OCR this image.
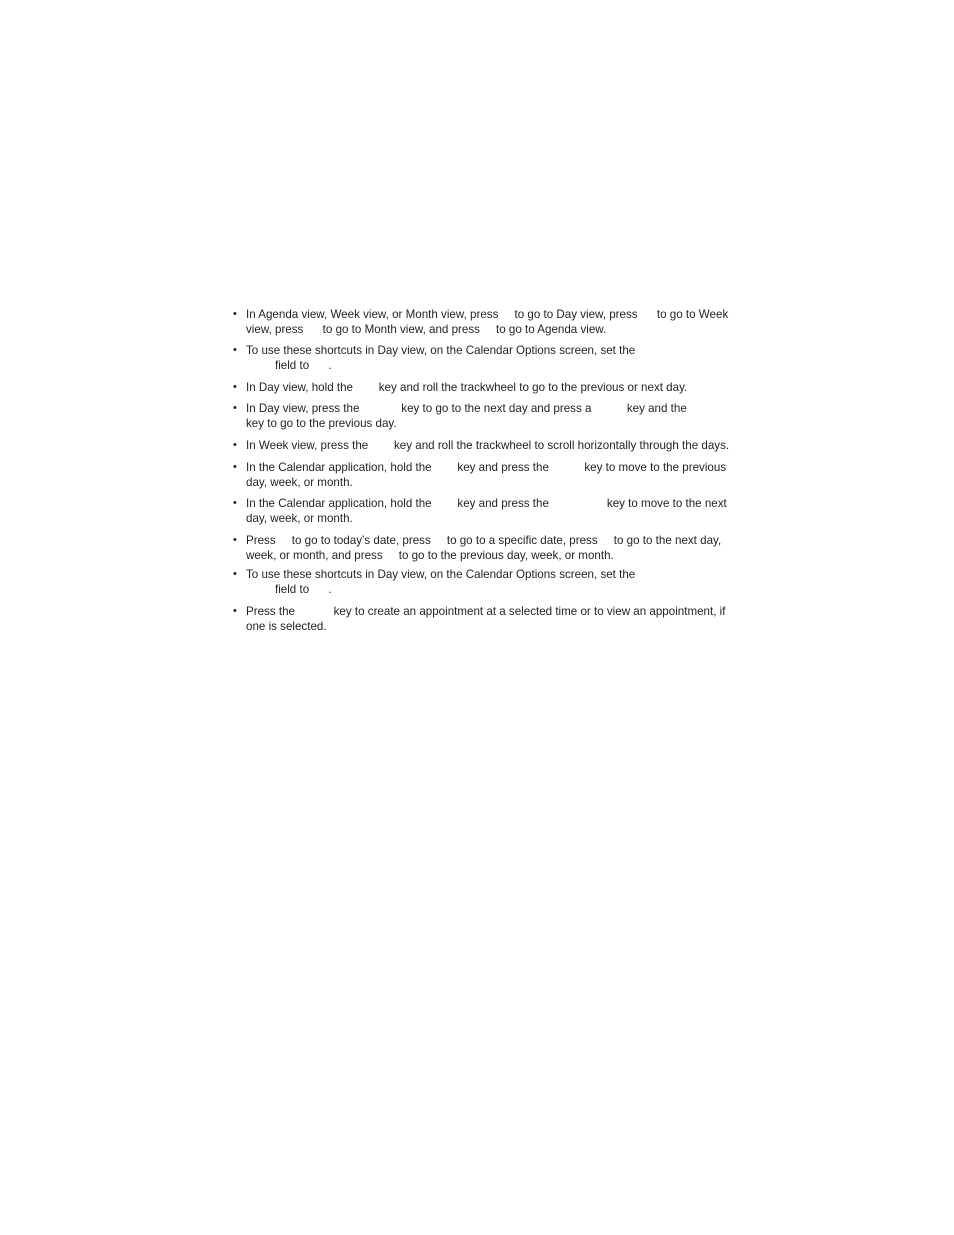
• In Agenda view, Week view, or Month view, press     to go to Day view, press      to go to Week
view, press      to go to Month view, and press     to go to Agenda view.
• To use these shortcuts in Day view, on the Calendar Options screen, set the
field to      .
• In Day view, hold the        key and roll the trackwheel to go to the previous or next day.
• In Day view, press the             key to go to the next day and press a           key and the
key to go to the previous day.
• In Week view, press the        key and roll the trackwheel to scroll horizontally through the days.
• In the Calendar application, hold the        key and press the           key to move to the previous
day, week, or month.
• In the Calendar application, hold the        key and press the                  key to move to the next
day, week, or month.
• Press     to go to today’s date, press     to go to a specific date, press     to go to the next day,
week, or month, and press     to go to the previous day, week, or month.
• To use these shortcuts in Day view, on the Calendar Options screen, set the
field to      .
• Press the            key to create an appointment at a selected time or to view an appointment, if
one is selected.
